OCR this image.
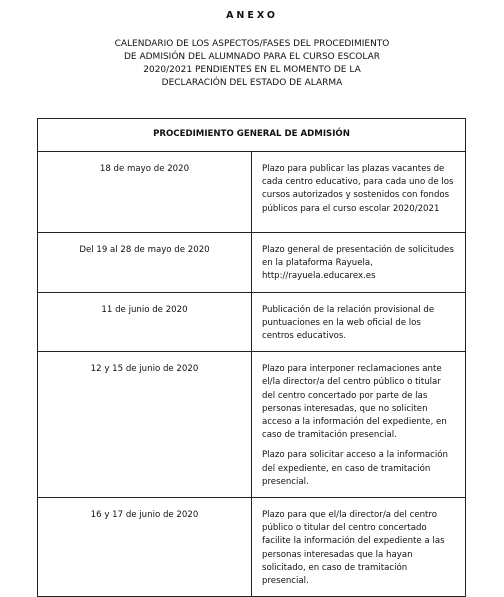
ANEXO
CALENDARIO DE LOS ASPECTOS/FASES DEL PROCEDIMIENTO
DE ADMISIÓN DEL ALUMNADO PARA EL CURSO ESCOLAR
2020/2021 PENDIENTES EN EL MOMENTO DE LA
DECLARACIÓN DEL ESTADO DE ALARMA
PROCEDIMIENTO GENERAL DE ADMISIÓN	
18 de mayo de 2020	Plazo para publicar las plazas vacantes de cada centro educativo, para cada uno de los cursos autorizados y sostenidos con fondos públicos para el curso escolar 2020/2021

Del 19 al 28 de mayo de 2020	Plazo general de presentación de solicitudes en la plataforma Rayuela, http://rayuela.educarex.es

11 de junio de 2020	Publicación de la relación provisional de puntuaciones en la web oficial de los centros educativos.

12 y 15 de junio de 2020	Plazo para interponer reclamaciones ante el/la director/a del centro público o titular del centro concertado por parte de las personas interesadas, que no soliciten acceso a la información del expediente, en caso de tramitación presencial.

Plazo para solicitar acceso a la información del expediente, en caso de tramitación presencial.

16 y 17 de junio de 2020	Plazo para que el/la director/a del centro público o titular del centro concertado facilite la información del expediente a las personas interesadas que la hayan solicitado, en caso de tramitación presencial.
